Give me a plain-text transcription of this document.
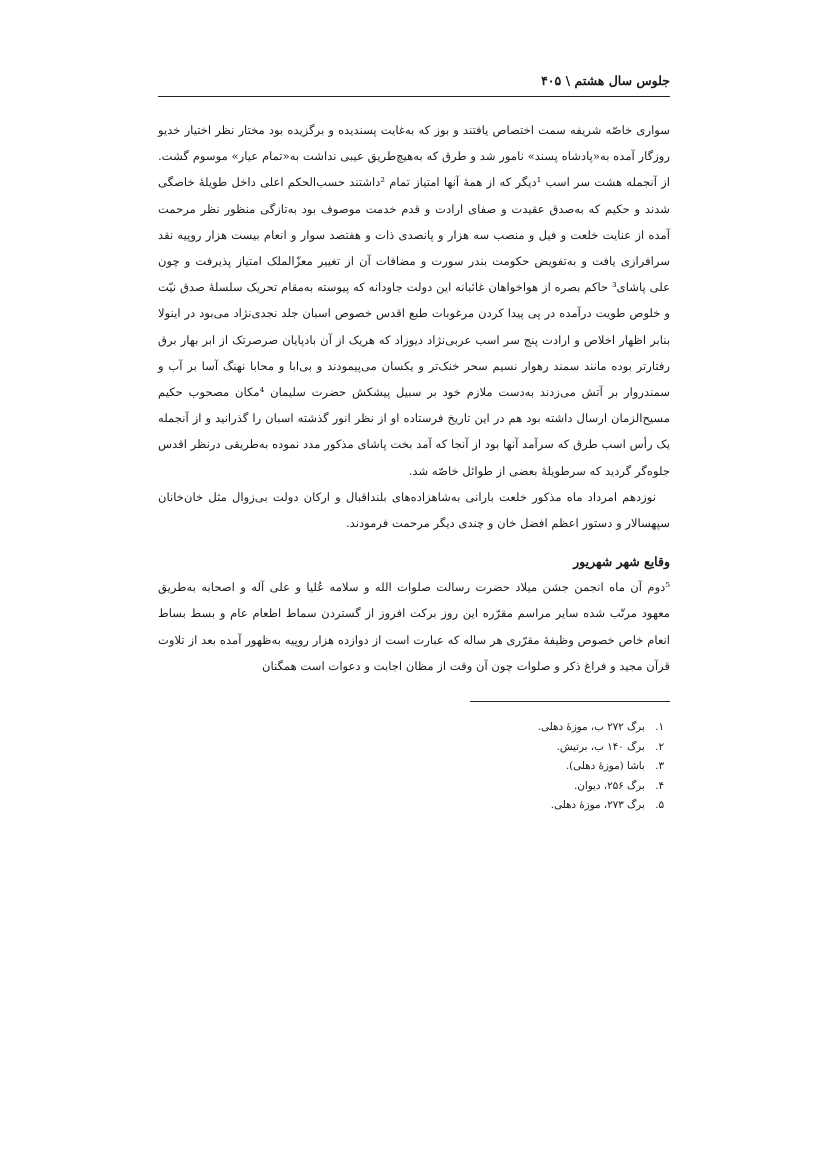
جلوس سال هشتم \ ۴۰۵

سواری خاصّه شریفه سمت اختصاص یافتند و بوز که به‌غایت پسندیده و برگزیده بود مختار نظر اختیار خدیو روزگار آمده به«پادشاه پسند» نامور شد و طرق که به‌هیچ‌طریق عیبی نداشت به«تمام عیار» موسوم گشت. از آنجمله هشت سر اسب ¹دیگر که از همهٔ آنها امتیاز تمام ²داشتند حسب‌الحکم اعلی داخل طویلهٔ خاصگی شدند و حکیم که به‌صدق عقیدت و صفای ارادت و قدم خدمت موصوف بود به‌تازگی منظور نظر مرحمت آمده از عنایت خلعت و فیل و منصب سه هزار و پانصدی ذات و هفتصد سوار و انعام بیست هزار روپیه نقد سرافرازی یافت و به‌تفویض حکومت بندر سورت و مضافات آن از تغییر معزّالملک امتیاز پذیرفت و چون علی پاشای³ حاکم بصره از هواخواهان غائبانه این دولت جاودانه که پیوسته به‌مقام تحریک سلسلهٔ صدق نیّت و خلوص طویت درآمده در پی پیدا کردن مرغوبات طبع اقدس خصوص اسبان جلد نجدی‌نژاد می‌بود در اینولا بنابر اظهار اخلاص و ارادت پنج سر اسب عربی‌نژاد دیوزاد که هریک از آن بادپایان صرصرتک از ابر بهار برق رفتارتر بوده مانند سمند رهوار نسیم سحر خنک‌تر و یکسان می‌پیمودند و بی‌ابا و محابا نهنگ آسا بر آب و سمندروار بر آتش می‌زدند به‌دست ملازم خود بر سبیل پیشکش حضرت سلیمان ⁴مکان مصحوب حکیم مسیح‌الزمان ارسال داشته بود هم در این تاریخ فرستاده او از نظر انور گذشته اسبان را گذرانید و از آنجمله یک رأس اسب طرق که سرآمد آنها بود از آنجا که آمد بخت پاشای مذکور مدد نموده به‌طریقی درنظر اقدس جلوه‌گر گردید که سرطویلهٔ بعضی از طوائل خاصّه شد.

نوزدهم امرداد ماه مذکور خلعت بارانی به‌شاهزاده‌های بلنداقبال و ارکان دولت بی‌زوال مثل خان‌خانان سپهسالار و دستور اعظم افضل خان و چندی دیگر مرحمت فرمودند.

وقایع شهر شهریور

⁵دوم آن ماه انجمن جشن میلاد حضرت رسالت صلوات الله و سلامه عُلیا و علی آله و اصحابه به‌طریق معهود مرتّب شده سایر مراسم مقرّره این روز برکت افروز از گستردن سماط اطعام عام و بسط بساط انعام خاص خصوص وظیفهٔ مقرّری هر ساله که عبارت است از دوازده هزار روپیه به‌ظهور آمده بعد از تلاوت قرآن مجید و فراغ ذکر و صلوات چون آن وقت از مظان اجابت و دعوات است همگنان

۱. برگ ۲۷۲ ب، موزهٔ دهلی.
۲. برگ ۱۴۰ ب، برتیش.
۳. باشا (موزهٔ دهلی).
۴. برگ ۲۵۶، دیوان.
۵. برگ ۲۷۳، موزهٔ دهلی.
